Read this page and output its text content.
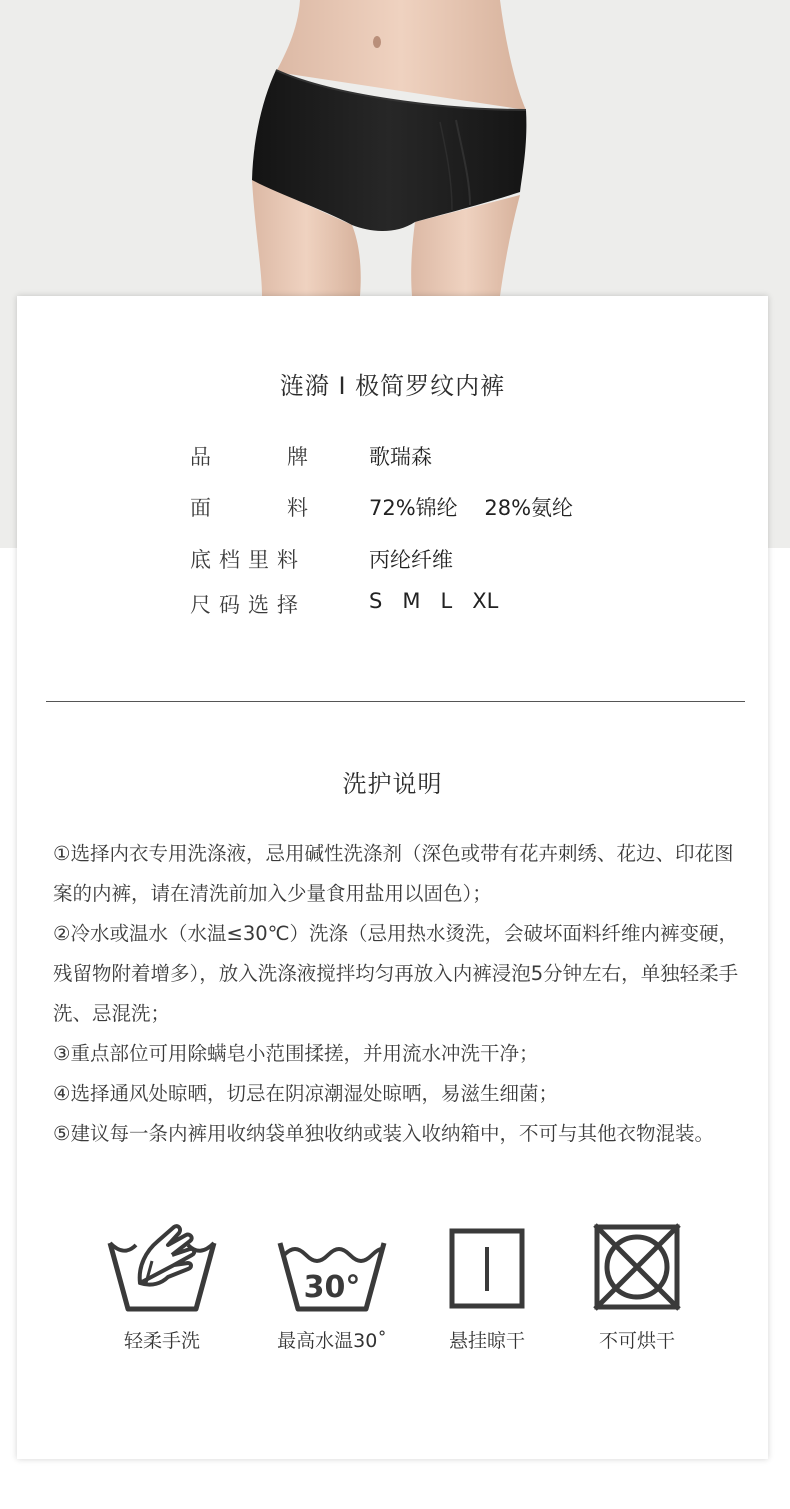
涟漪 I 极简罗纹内裤
品	牌	歌瑞森
面	料	72%锦纶    28%氨纶
底档里料	丙纶纤维
尺码选择	S   M   L   XL
洗护说明

①选择内衣专用洗涤液，忌用碱性洗涤剂（深色或带有花卉刺绣、花边、印花图案的内裤，请在清洗前加入少量食用盐用以固色）；

②冷水或温水（水温≤30℃）洗涤（忌用热水烫洗，会破坏面料纤维内裤变硬，残留物附着增多），放入洗涤液搅拌均匀再放入内裤浸泡5分钟左右，单独轻柔手洗、忌混洗；

③重点部位可用除螨皂小范围揉搓，并用流水冲洗干净；

④选择通风处晾晒，切忌在阴凉潮湿处晾晒，易滋生细菌；

⑤建议每一条内裤用收纳袋单独收纳或装入收纳箱中，不可与其他衣物混装。

轻柔手洗
30°
最高水温30˚	悬挂晾干	不可烘干
